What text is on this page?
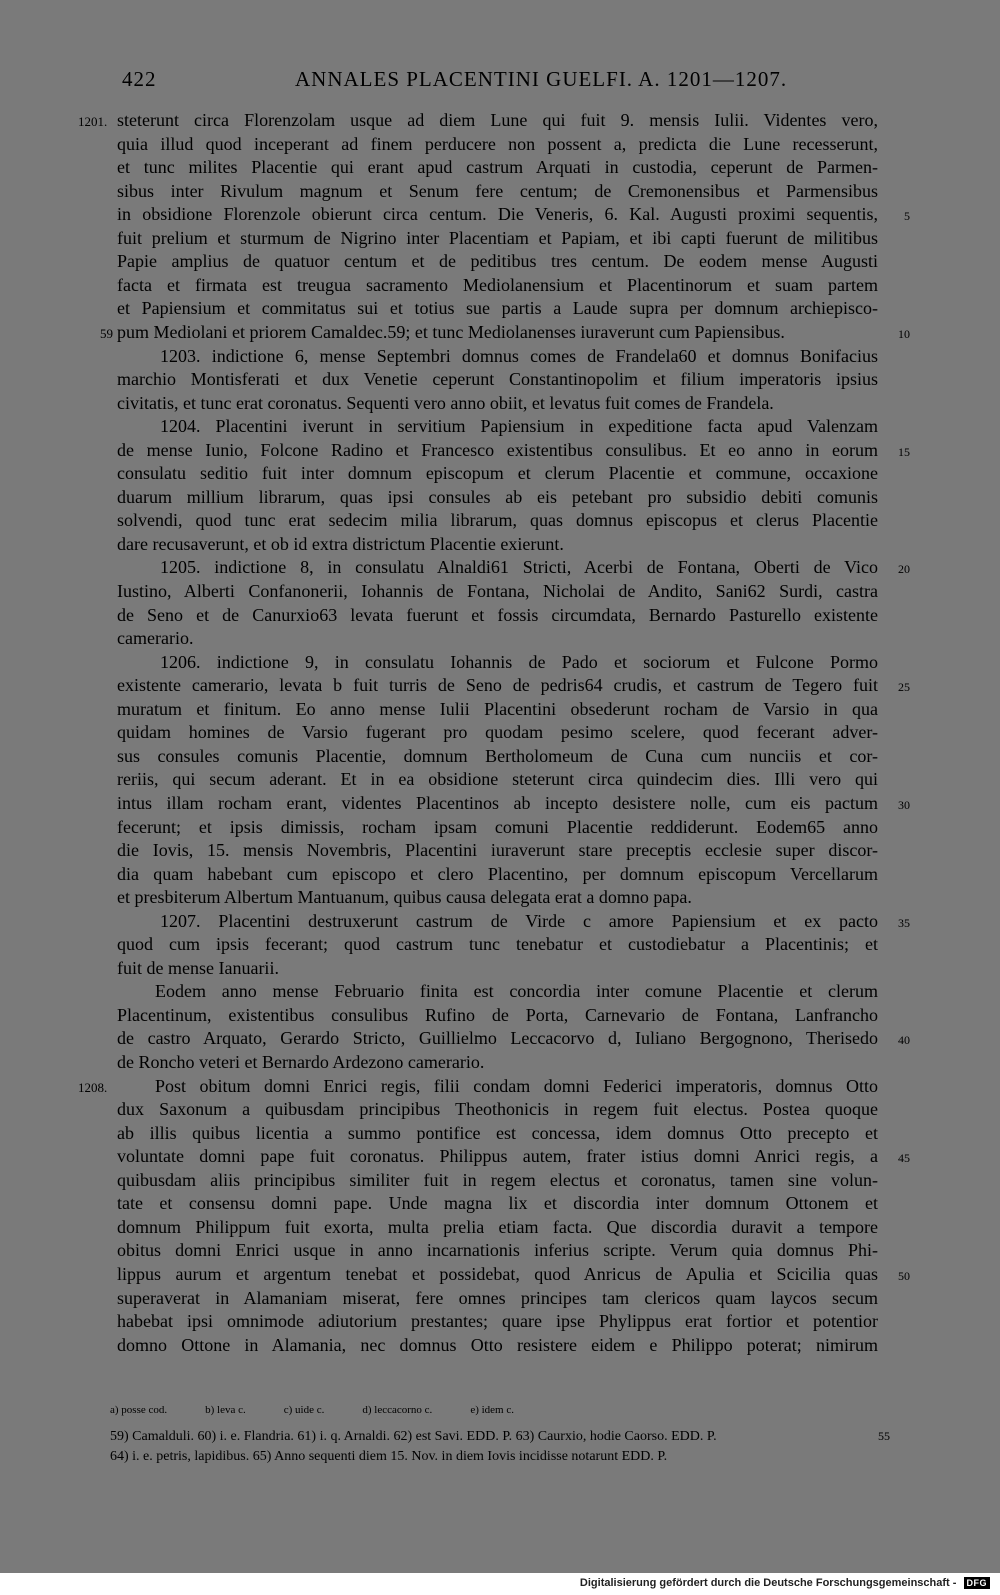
422	ANNALES PLACENTINI GUELFI. A. 1201—1207.
1201. steterunt circa Florenzolam usque ad diem Lune qui fuit 9. mensis Iulii. Videntes vero,
quia illud quod inceperant ad finem perducere non possent a, predicta die Lune recesserunt,
et tunc milites Placentie qui erant apud castrum Arquati in custodia, ceperunt de Parmen-
sibus inter Rivulum magnum et Senum fere centum; de Cremonensibus et Parmensibus
in obsidione Florenzole obierunt circa centum. Die Veneris, 6. Kal. Augusti proximi sequentis, 5
fuit prelium et sturmum de Nigrino inter Placentiam et Papiam, et ibi capti fuerunt de militibus
Papie amplius de quatuor centum et de peditibus tres centum. De eodem mense Augusti
facta et firmata est treugua sacramento Mediolanensium et Placentinorum et suam partem
et Papiensium et commitatus sui et totius sue partis a Laude supra per domnum archiepisco-
59 pum Mediolani et priorem Camaldec.59; et tunc Mediolanenses iuraverunt cum Papiensibus.	10
1203. indictione 6, mense Septembri domnus comes de Frandela60 et domnus Bonifacius
marchio Montisferati et dux Venetie ceperunt Constantinopolim et filium imperatoris ipsius
civitatis, et tunc erat coronatus. Sequenti vero anno obiit, et levatus fuit comes de Frandela.
1204. Placentini iverunt in servitium Papiensium in expeditione facta apud Valenzam
de mense Iunio, Folcone Radino et Francesco existentibus consulibus. Et eo anno in eorum 15
consulatu seditio fuit inter domnum episcopum et clerum Placentie et commune, occaxione
duarum millium librarum, quas ipsi consules ab eis petebant pro subsidio debiti comunis
solvendi, quod tunc erat sedecim milia librarum, quas domnus episcopus et clerus Placentie
dare recusaverunt, et ob id extra districtum Placentie exierunt.
1205. indictione 8, in consulatu Alnaldi61 Stricti, Acerbi de Fontana, Oberti de Vico 20
Iustino, Alberti Confanonerii, Iohannis de Fontana, Nicholai de Andito, Sani62 Surdi, castra
de Seno et de Canurxio63 levata fuerunt et fossis circumdata, Bernardo Pasturello existente
camerario.
1206. indictione 9, in consulatu Iohannis de Pado et sociorum et Fulcone Pormo
existente camerario, levata b fuit turris de Seno de pedris64 crudis, et castrum de Tegero fuit 25
muratum et finitum. Eo anno mense Iulii Placentini obsederunt rocham de Varsio in qua
quidam homines de Varsio fugerant pro quodam pesimo scelere, quod fecerant adver-
sus consules comunis Placentie, domnum Bertholomeum de Cuna cum nunciis et cor-
reriis, qui secum aderant. Et in ea obsidione steterunt circa quindecim dies. Illi vero qui
intus illam rocham erant, videntes Placentinos ab incepto desistere nolle, cum eis pactum 30
fecerunt; et ipsis dimissis, rocham ipsam comuni Placentie reddiderunt. Eodem65 anno
die Iovis, 15. mensis Novembris, Placentini iuraverunt stare preceptis ecclesie super discor-
dia quam habebant cum episcopo et clero Placentino, per domnum episcopum Vercellarum
et presbiterum Albertum Mantuanum, quibus causa delegata erat a domno papa.
1207. Placentini destruxerunt castrum de Virde c amore Papiensium et ex pacto 35
quod cum ipsis fecerant; quod castrum tunc tenebatur et custodiebatur a Placentinis; et
fuit de mense Ianuarii.
Eodem anno mense Februario finita est concordia inter comune Placentie et clerum
Placentinum, existentibus consulibus Rufino de Porta, Carnevario de Fontana, Lanfrancho
de castro Arquato, Gerardo Stricto, Guillielmo Leccacorvo d, Iuliano Bergognono, Therisedo 40
de Roncho veteri et Bernardo Ardezono camerario.
1208.	Post obitum domni Enrici regis, filii condam domni Federici imperatoris, domnus Otto
dux Saxonum a quibusdam principibus Theothonicis in regem fuit electus. Postea quoque
ab illis quibus licentia a summo pontifice est concessa, idem domnus Otto precepto et
voluntate domni pape fuit coronatus. Philippus autem, frater istius domni Anrici regis, a 45
quibusdam aliis principibus similiter fuit in regem electus et coronatus, tamen sine volun-
tate et consensu domni pape. Unde magna lix et discordia inter domnum Ottonem et
domnum Philippum fuit exorta, multa prelia etiam facta. Que discordia duravit a tempore
obitus domni Enrici usque in anno incarnationis inferius scripte. Verum quia domnus Phi-
lippus aurum et argentum tenebat et possidebat, quod Anricus de Apulia et Scicilia quas 50
superaverat in Alamaniam miserat, fere omnes principes tam clericos quam laycos secum
habebat ipsi omnimode adiutorium prestantes; quare ipse Phylippus erat fortior et potentior
domno Ottone in Alamania, nec domnus Otto resistere eidem e Philippo poterat; nimirum
a) posse cod.	b) leva c.	c) uide c.	d) leccacorno c.	e) idem c.
59) Camalduli. 60) i. e. Flandria. 61) i. q. Arnaldi. 62) est Savi. EDD. P. 63) Caurxio, hodie Caorso. EDD. P.	55
64) i. e. petris, lapidibus. 65) Anno sequenti diem 15. Nov. in diem Iovis incidisse notarunt EDD. P.
Digitalisierung gefördert durch die Deutsche Forschungsgemeinschaft - DFG
